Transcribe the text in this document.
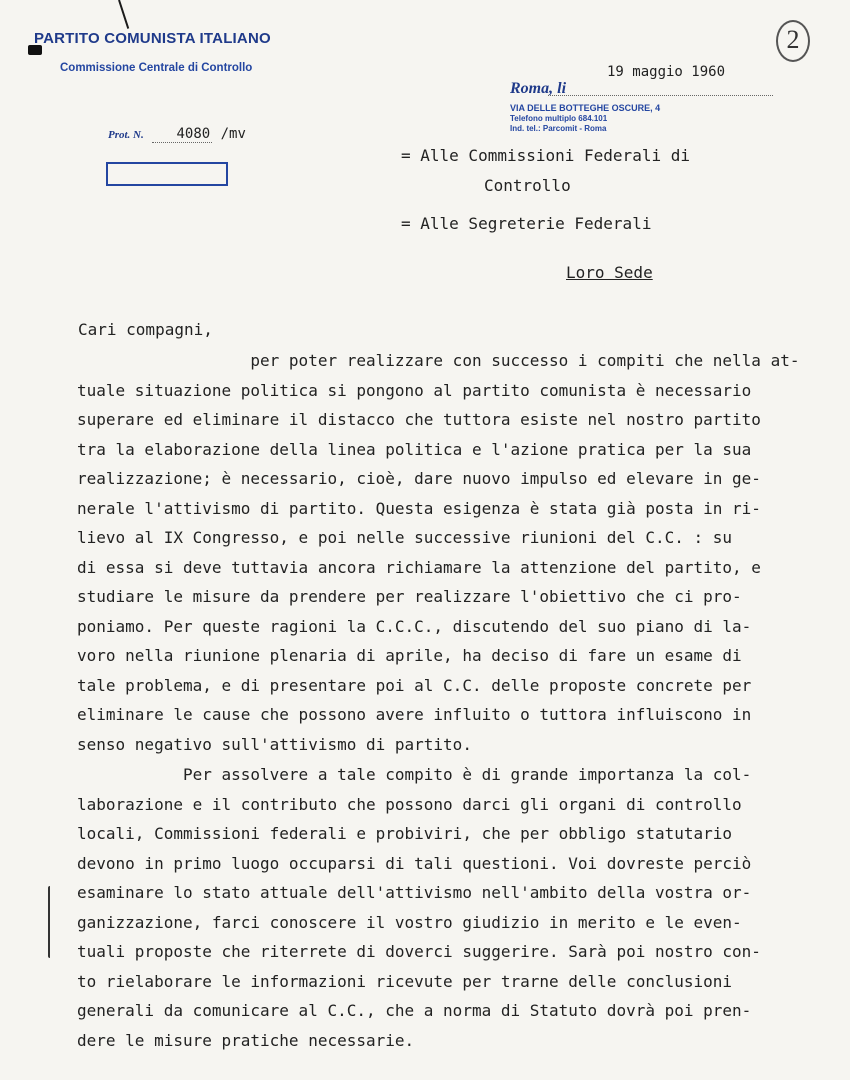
PARTITO COMUNISTA ITALIANO
Commissione Centrale di Controllo
2
19 maggio 1960
Roma, li
VIA DELLE BOTTEGHE OSCURE, 4
Telefono multiplo 684.101
Ind. tel.: Parcomit - Roma
Prot. N. 4080 /mv
= Alle Commissioni Federali di
Controllo
= Alle Segreterie Federali
Loro Sede
Cari compagni,
per poter realizzare con successo i compiti che nella at-
tuale situazione politica si pongono al partito comunista è necessario
superare ed eliminare il distacco che tuttora esiste nel nostro partito
tra la elaborazione della linea politica e l'azione pratica per la sua
realizzazione; è necessario, cioè, dare nuovo impulso ed elevare in ge-
nerale l'attivismo di partito. Questa esigenza è stata già posta in ri-
lievo al IX Congresso, e poi nelle successive riunioni del C.C. : su
di essa si deve tuttavia ancora richiamare la attenzione del partito, e
studiare le misure da prendere per realizzare l'obiettivo che ci pro-
poniamo. Per queste ragioni la C.C.C., discutendo del suo piano di la-
voro nella riunione plenaria di aprile, ha deciso di fare un esame di
tale problema, e di presentare poi al C.C. delle proposte concrete per
eliminare le cause che possono avere influito o tuttora influiscono in
senso negativo sull'attivismo di partito.
Per assolvere a tale compito è di grande importanza la col-
laborazione e il contributo che possono darci gli organi di controllo
locali, Commissioni federali e probiviri, che per obbligo statutario
devono in primo luogo occuparsi di tali questioni. Voi dovreste perciò
esaminare lo stato attuale dell'attivismo nell'ambito della vostra or-
ganizzazione, farci conoscere il vostro giudizio in merito e le even-
tuali proposte che riterrete di doverci suggerire. Sarà poi nostro con-
to rielaborare le informazioni ricevute per trarne delle conclusioni
generali da comunicare al C.C., che a norma di Statuto dovrà poi pren-
dere le misure pratiche necessarie.
